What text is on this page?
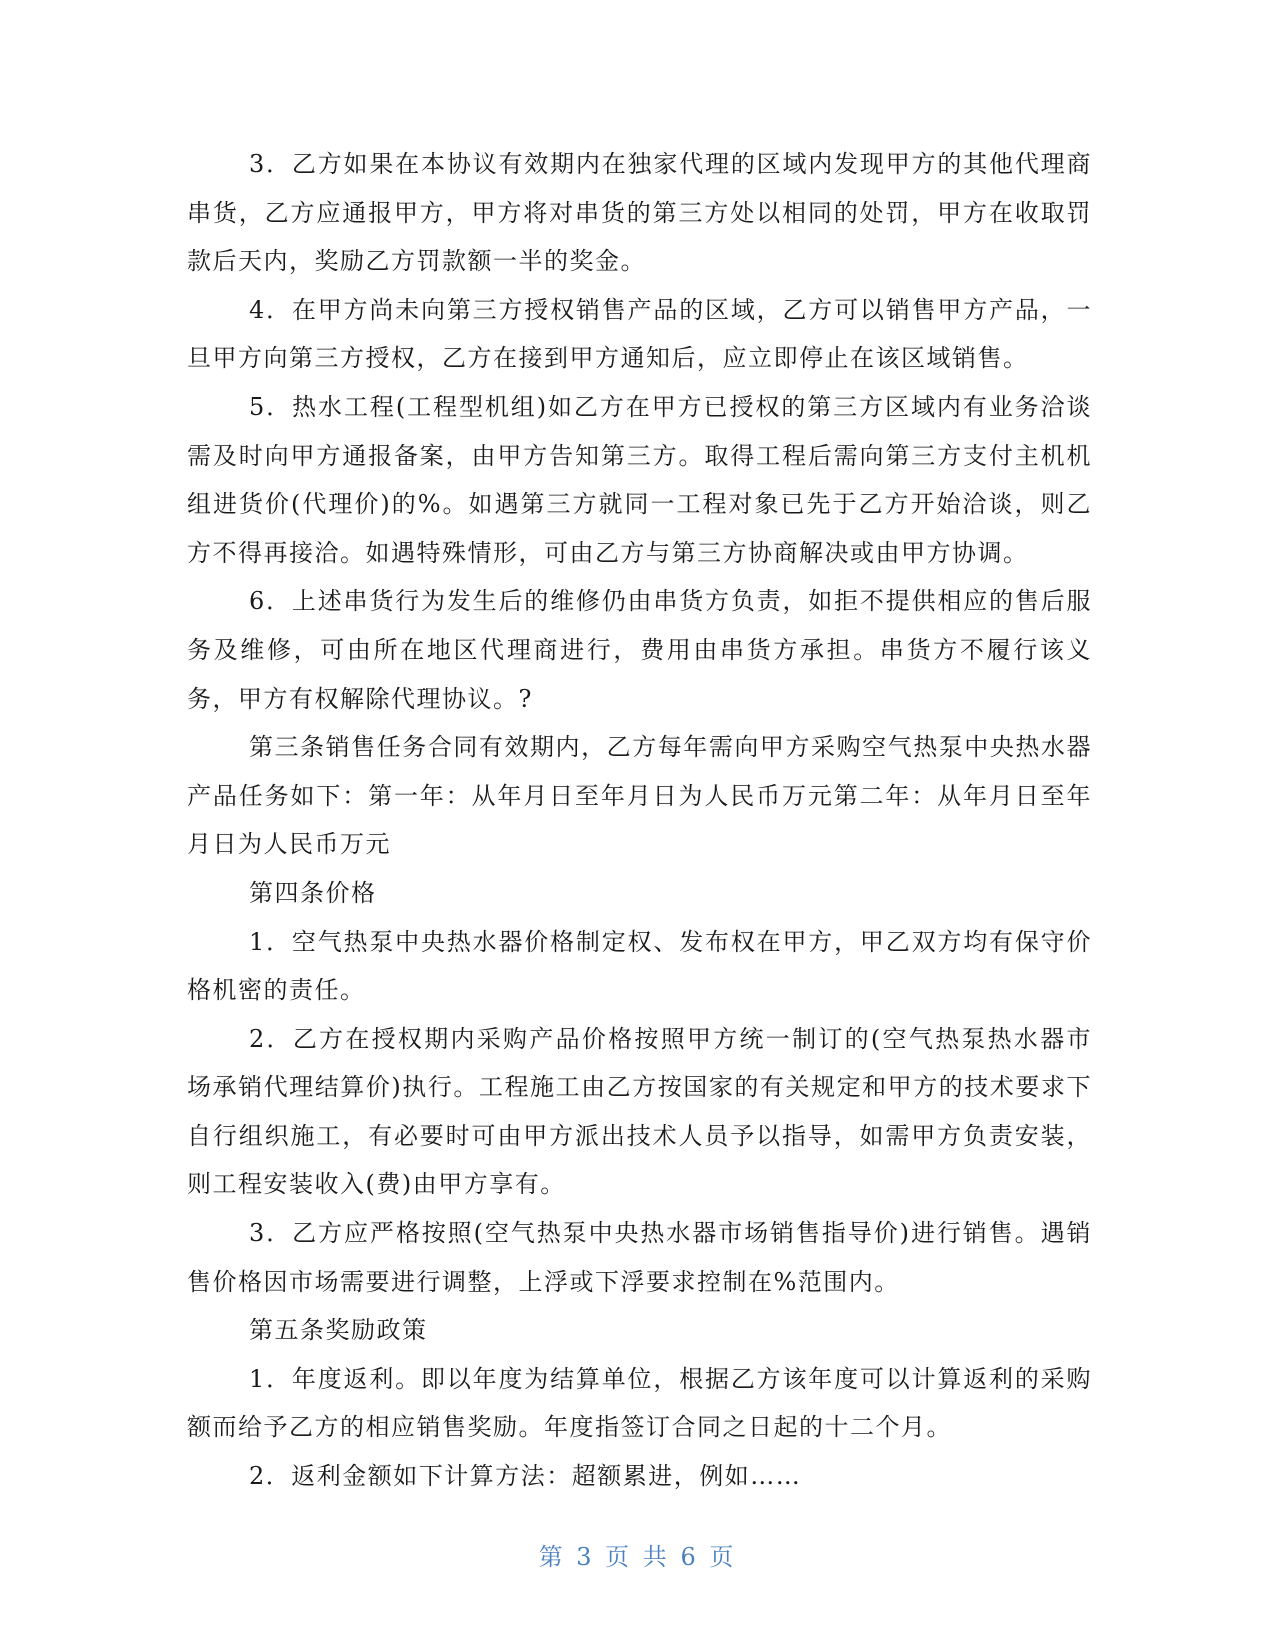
3．乙方如果在本协议有效期内在独家代理的区域内发现甲方的其他代理商串货，乙方应通报甲方，甲方将对串货的第三方处以相同的处罚，甲方在收取罚款后天内，奖励乙方罚款额一半的奖金。

4．在甲方尚未向第三方授权销售产品的区域，乙方可以销售甲方产品，一旦甲方向第三方授权，乙方在接到甲方通知后，应立即停止在该区域销售。

5．热水工程(工程型机组)如乙方在甲方已授权的第三方区域内有业务洽谈需及时向甲方通报备案，由甲方告知第三方。取得工程后需向第三方支付主机机组进货价(代理价)的%。如遇第三方就同一工程对象已先于乙方开始洽谈，则乙方不得再接洽。如遇特殊情形，可由乙方与第三方协商解决或由甲方协调。

6．上述串货行为发生后的维修仍由串货方负责，如拒不提供相应的售后服务及维修，可由所在地区代理商进行，费用由串货方承担。串货方不履行该义务，甲方有权解除代理协议。?

第三条销售任务合同有效期内，乙方每年需向甲方采购空气热泵中央热水器产品任务如下：第一年：从年月日至年月日为人民币万元第二年：从年月日至年月日为人民币万元

第四条价格

1．空气热泵中央热水器价格制定权、发布权在甲方，甲乙双方均有保守价格机密的责任。

2．乙方在授权期内采购产品价格按照甲方统一制订的(空气热泵热水器市场承销代理结算价)执行。工程施工由乙方按国家的有关规定和甲方的技术要求下自行组织施工，有必要时可由甲方派出技术人员予以指导，如需甲方负责安装，则工程安装收入(费)由甲方享有。

3．乙方应严格按照(空气热泵中央热水器市场销售指导价)进行销售。遇销售价格因市场需要进行调整，上浮或下浮要求控制在%范围内。

第五条奖励政策

1．年度返利。即以年度为结算单位，根据乙方该年度可以计算返利的采购额而给予乙方的相应销售奖励。年度指签订合同之日起的十二个月。

2．返利金额如下计算方法：超额累进，例如……

第 3 页 共 6 页
